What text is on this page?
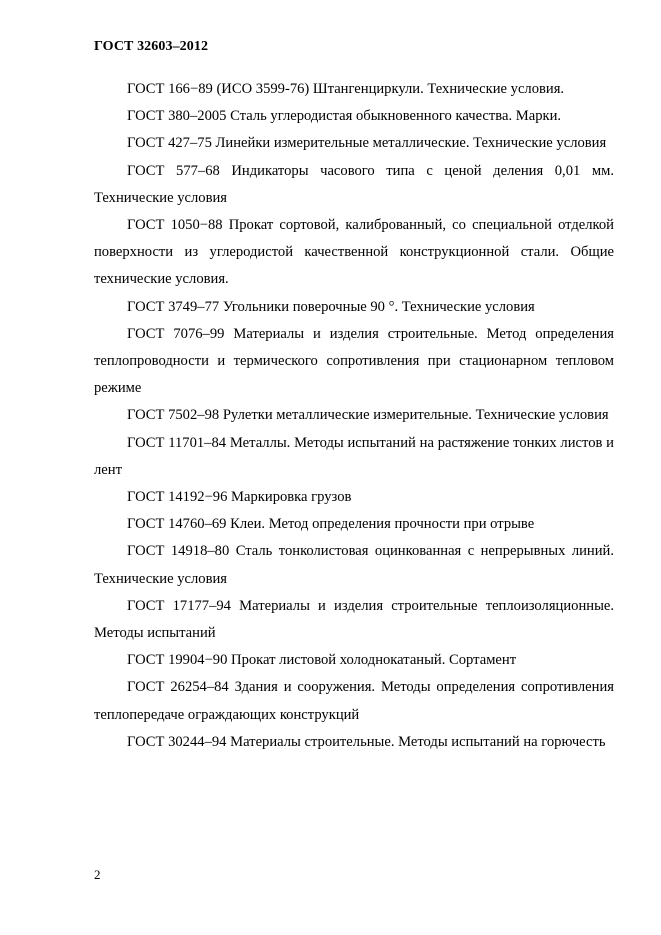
ГОСТ 32603–2012

ГОСТ 166−89 (ИСО 3599-76) Штангенциркули. Технические условия.

ГОСТ 380–2005 Сталь углеродистая обыкновенного качества. Марки.

ГОСТ 427–75 Линейки измерительные металлические. Технические условия

ГОСТ 577–68 Индикаторы часового типа с ценой деления 0,01 мм. Технические условия

ГОСТ 1050−88 Прокат сортовой, калиброванный, со специальной отделкой поверхности из углеродистой качественной конструкционной стали. Общие технические условия.

ГОСТ 3749–77 Угольники поверочные 90 °. Технические условия

ГОСТ 7076–99 Материалы и изделия строительные. Метод определения теплопроводности и термического сопротивления при стационарном тепловом режиме

ГОСТ 7502–98 Рулетки металлические измерительные. Технические условия

ГОСТ 11701–84 Металлы. Методы испытаний на растяжение тонких листов и лент

ГОСТ 14192−96 Маркировка грузов

ГОСТ 14760–69 Клеи. Метод определения прочности при отрыве

ГОСТ 14918–80 Сталь тонколистовая оцинкованная с непрерывных линий. Технические условия

ГОСТ 17177–94 Материалы и изделия строительные теплоизоляционные. Методы испытаний

ГОСТ 19904−90 Прокат листовой холоднокатаный. Сортамент

ГОСТ 26254–84 Здания и сооружения. Методы определения сопротивления теплопередаче ограждающих конструкций

ГОСТ 30244–94 Материалы строительные. Методы испытаний на горючесть

2
